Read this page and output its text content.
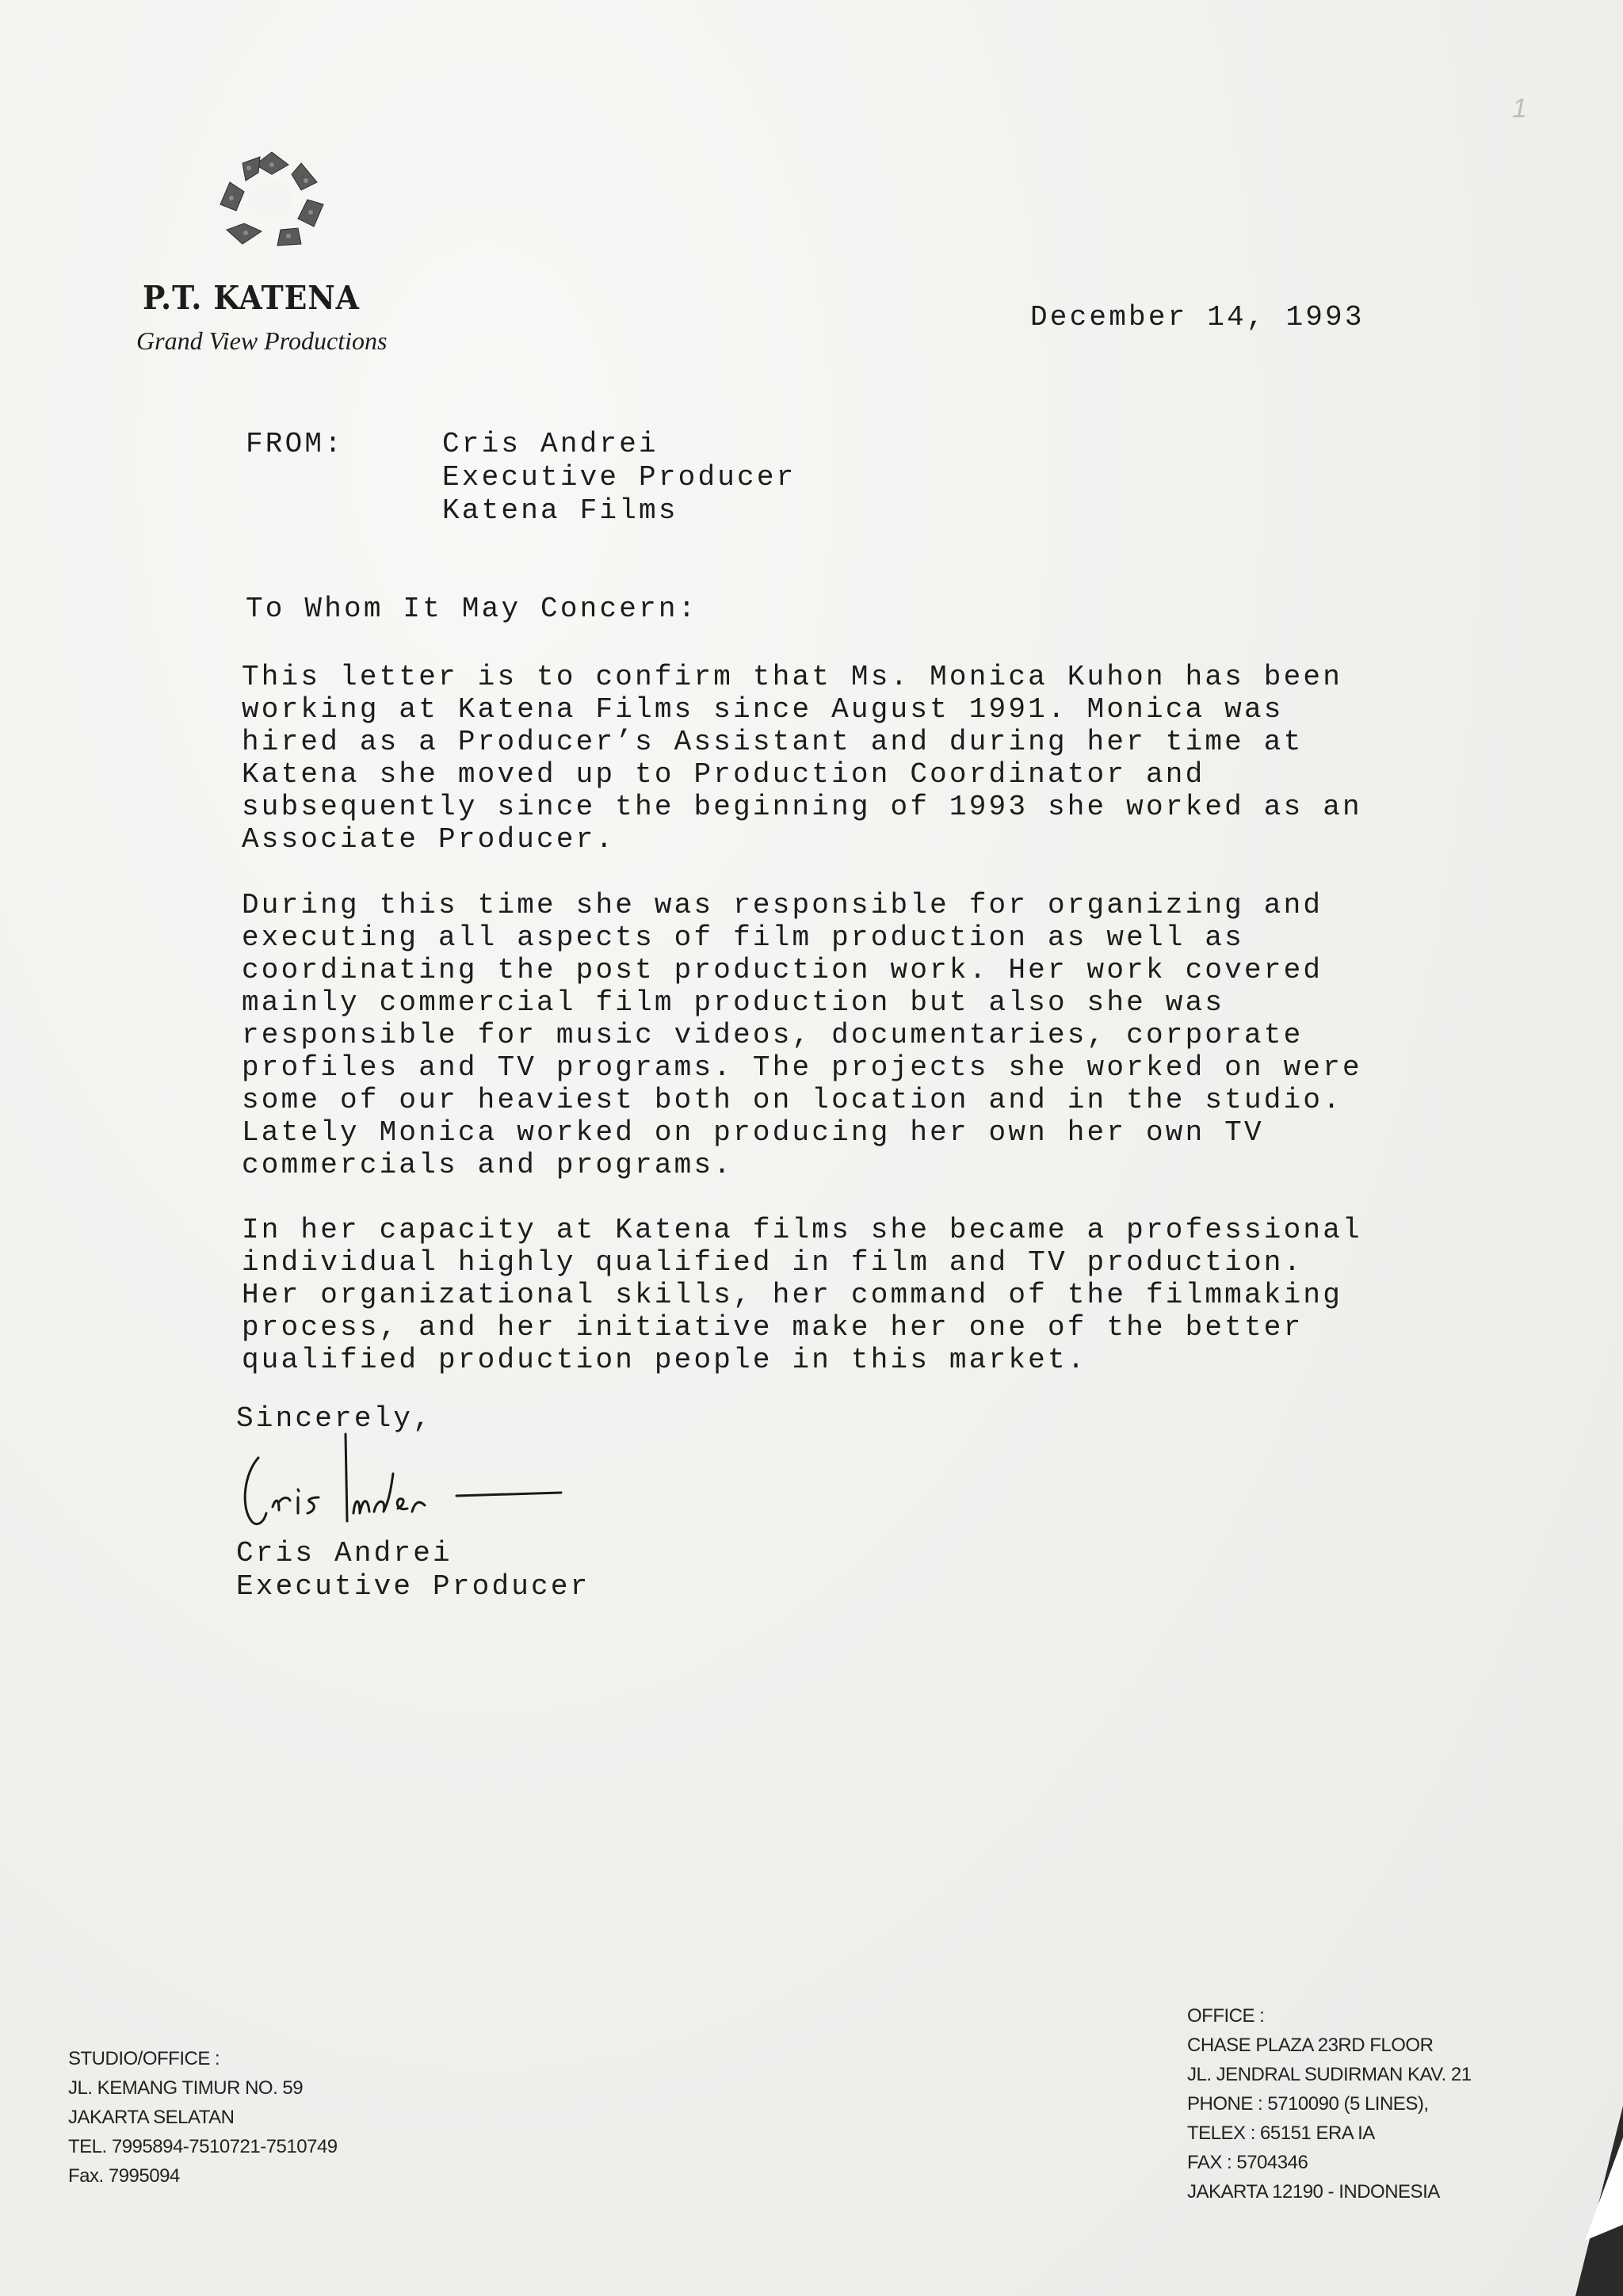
P.T. KATENA
Grand View Productions
1
December 14, 1993
FROM:	Cris Andrei
Executive Producer
Katena Films
To Whom It May Concern:
This letter is to confirm that Ms. Monica Kuhon has been
working at Katena Films since August 1991. Monica was
hired as a Producer’s Assistant and during her time at
Katena she moved up to Production Coordinator and
subsequently since the beginning of 1993 she worked as an
Associate Producer.
During this time she was responsible for organizing and
executing all aspects of film production as well as
coordinating the post production work. Her work covered
mainly commercial film production but also she was
responsible for music videos, documentaries, corporate
profiles and TV programs. The projects she worked on were
some of our heaviest both on location and in the studio.
Lately Monica worked on producing her own her own TV
commercials and programs.
In her capacity at Katena films she became a professional
individual highly qualified in film and TV production.
Her organizational skills, her command of the filmmaking
process, and her initiative make her one of the better
qualified production people in this market.
Sincerely,
Cris Andrei
Executive Producer
STUDIO/OFFICE :
JL. KEMANG TIMUR NO. 59
JAKARTA SELATAN
TEL. 7995894-7510721-7510749
Fax. 7995094
OFFICE :
CHASE PLAZA 23RD FLOOR
JL. JENDRAL SUDIRMAN KAV. 21
PHONE : 5710090 (5 LINES),
TELEX : 65151 ERA IA
FAX : 5704346
JAKARTA 12190 - INDONESIA
